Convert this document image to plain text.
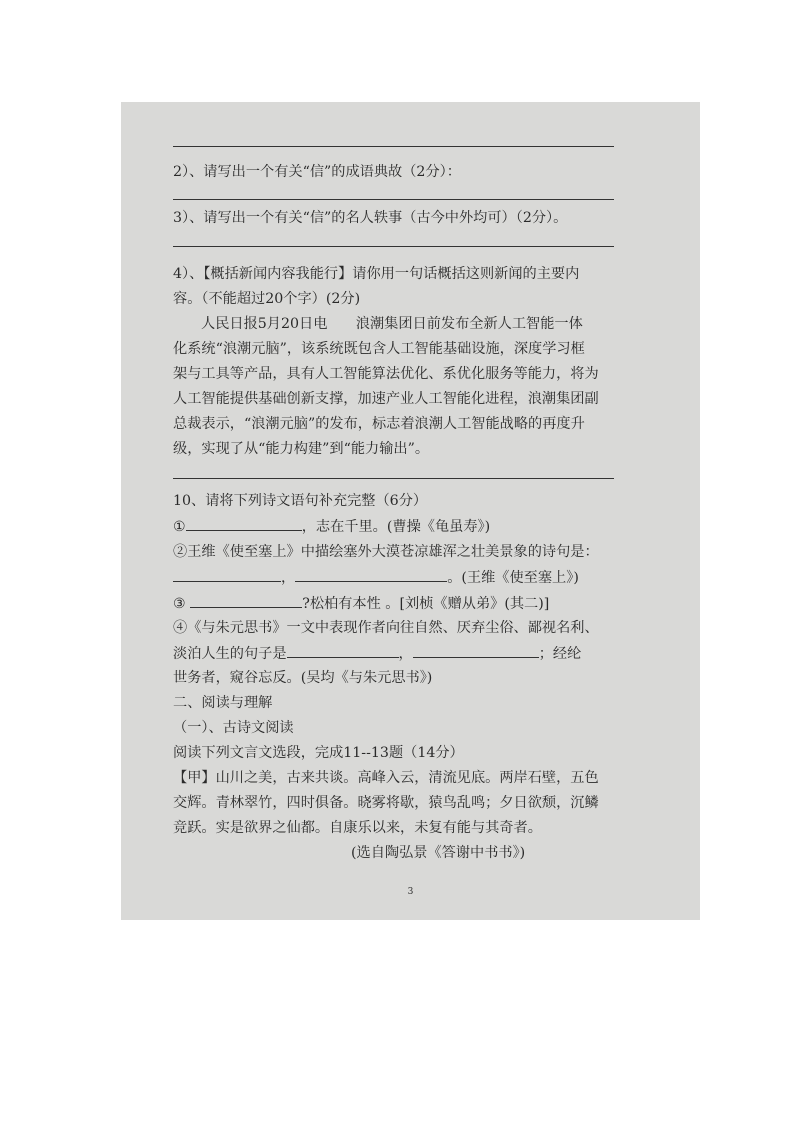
2）、请写出一个有关“信”的成语典故（2分）：
3）、请写出一个有关“信”的名人轶事（古今中外均可）（2分）。
4）、【概括新闻内容我能行】请你用一句话概括这则新闻的主要内
容。（不能超过20个字）(2分)
人民日报5月20日电　　浪潮集团日前发布全新人工智能一体
化系统“浪潮元脑”，该系统既包含人工智能基础设施，深度学习框
架与工具等产品，具有人工智能算法优化、系优化服务等能力，将为
人工智能提供基础创新支撑，加速产业人工智能化进程，浪潮集团副
总裁表示，“浪潮元脑”的发布，标志着浪潮人工智能战略的再度升
级，实现了从“能力构建”到“能力输出”。
10、请将下列诗文语句补充完整（6分）
①	，志在千里。(曹操《龟虽寿》)
②王维《使至塞上》中描绘塞外大漠苍凉雄浑之壮美景象的诗句是：
，	。(王维《使至塞上》)
③	?松柏有本性 。[刘桢《赠从弟》(其二)]
④《与朱元思书》一文中表现作者向往自然、厌弃尘俗、鄙视名利、
淡泊人生的句子是	，	；经纶
世务者，窥谷忘反。(吴均《与朱元思书》)
二、阅读与理解
（一）、古诗文阅读
阅读下列文言文选段，完成11--13题（14分）
【甲】山川之美，古来共谈。高峰入云，清流见底。两岸石壁，五色
交辉。青林翠竹，四时俱备。晓雾将歇，猿鸟乱鸣；夕日欲颓，沉鳞
竞跃。实是欲界之仙都。自康乐以来，未复有能与其奇者。
(选自陶弘景《答谢中书书》)
3
